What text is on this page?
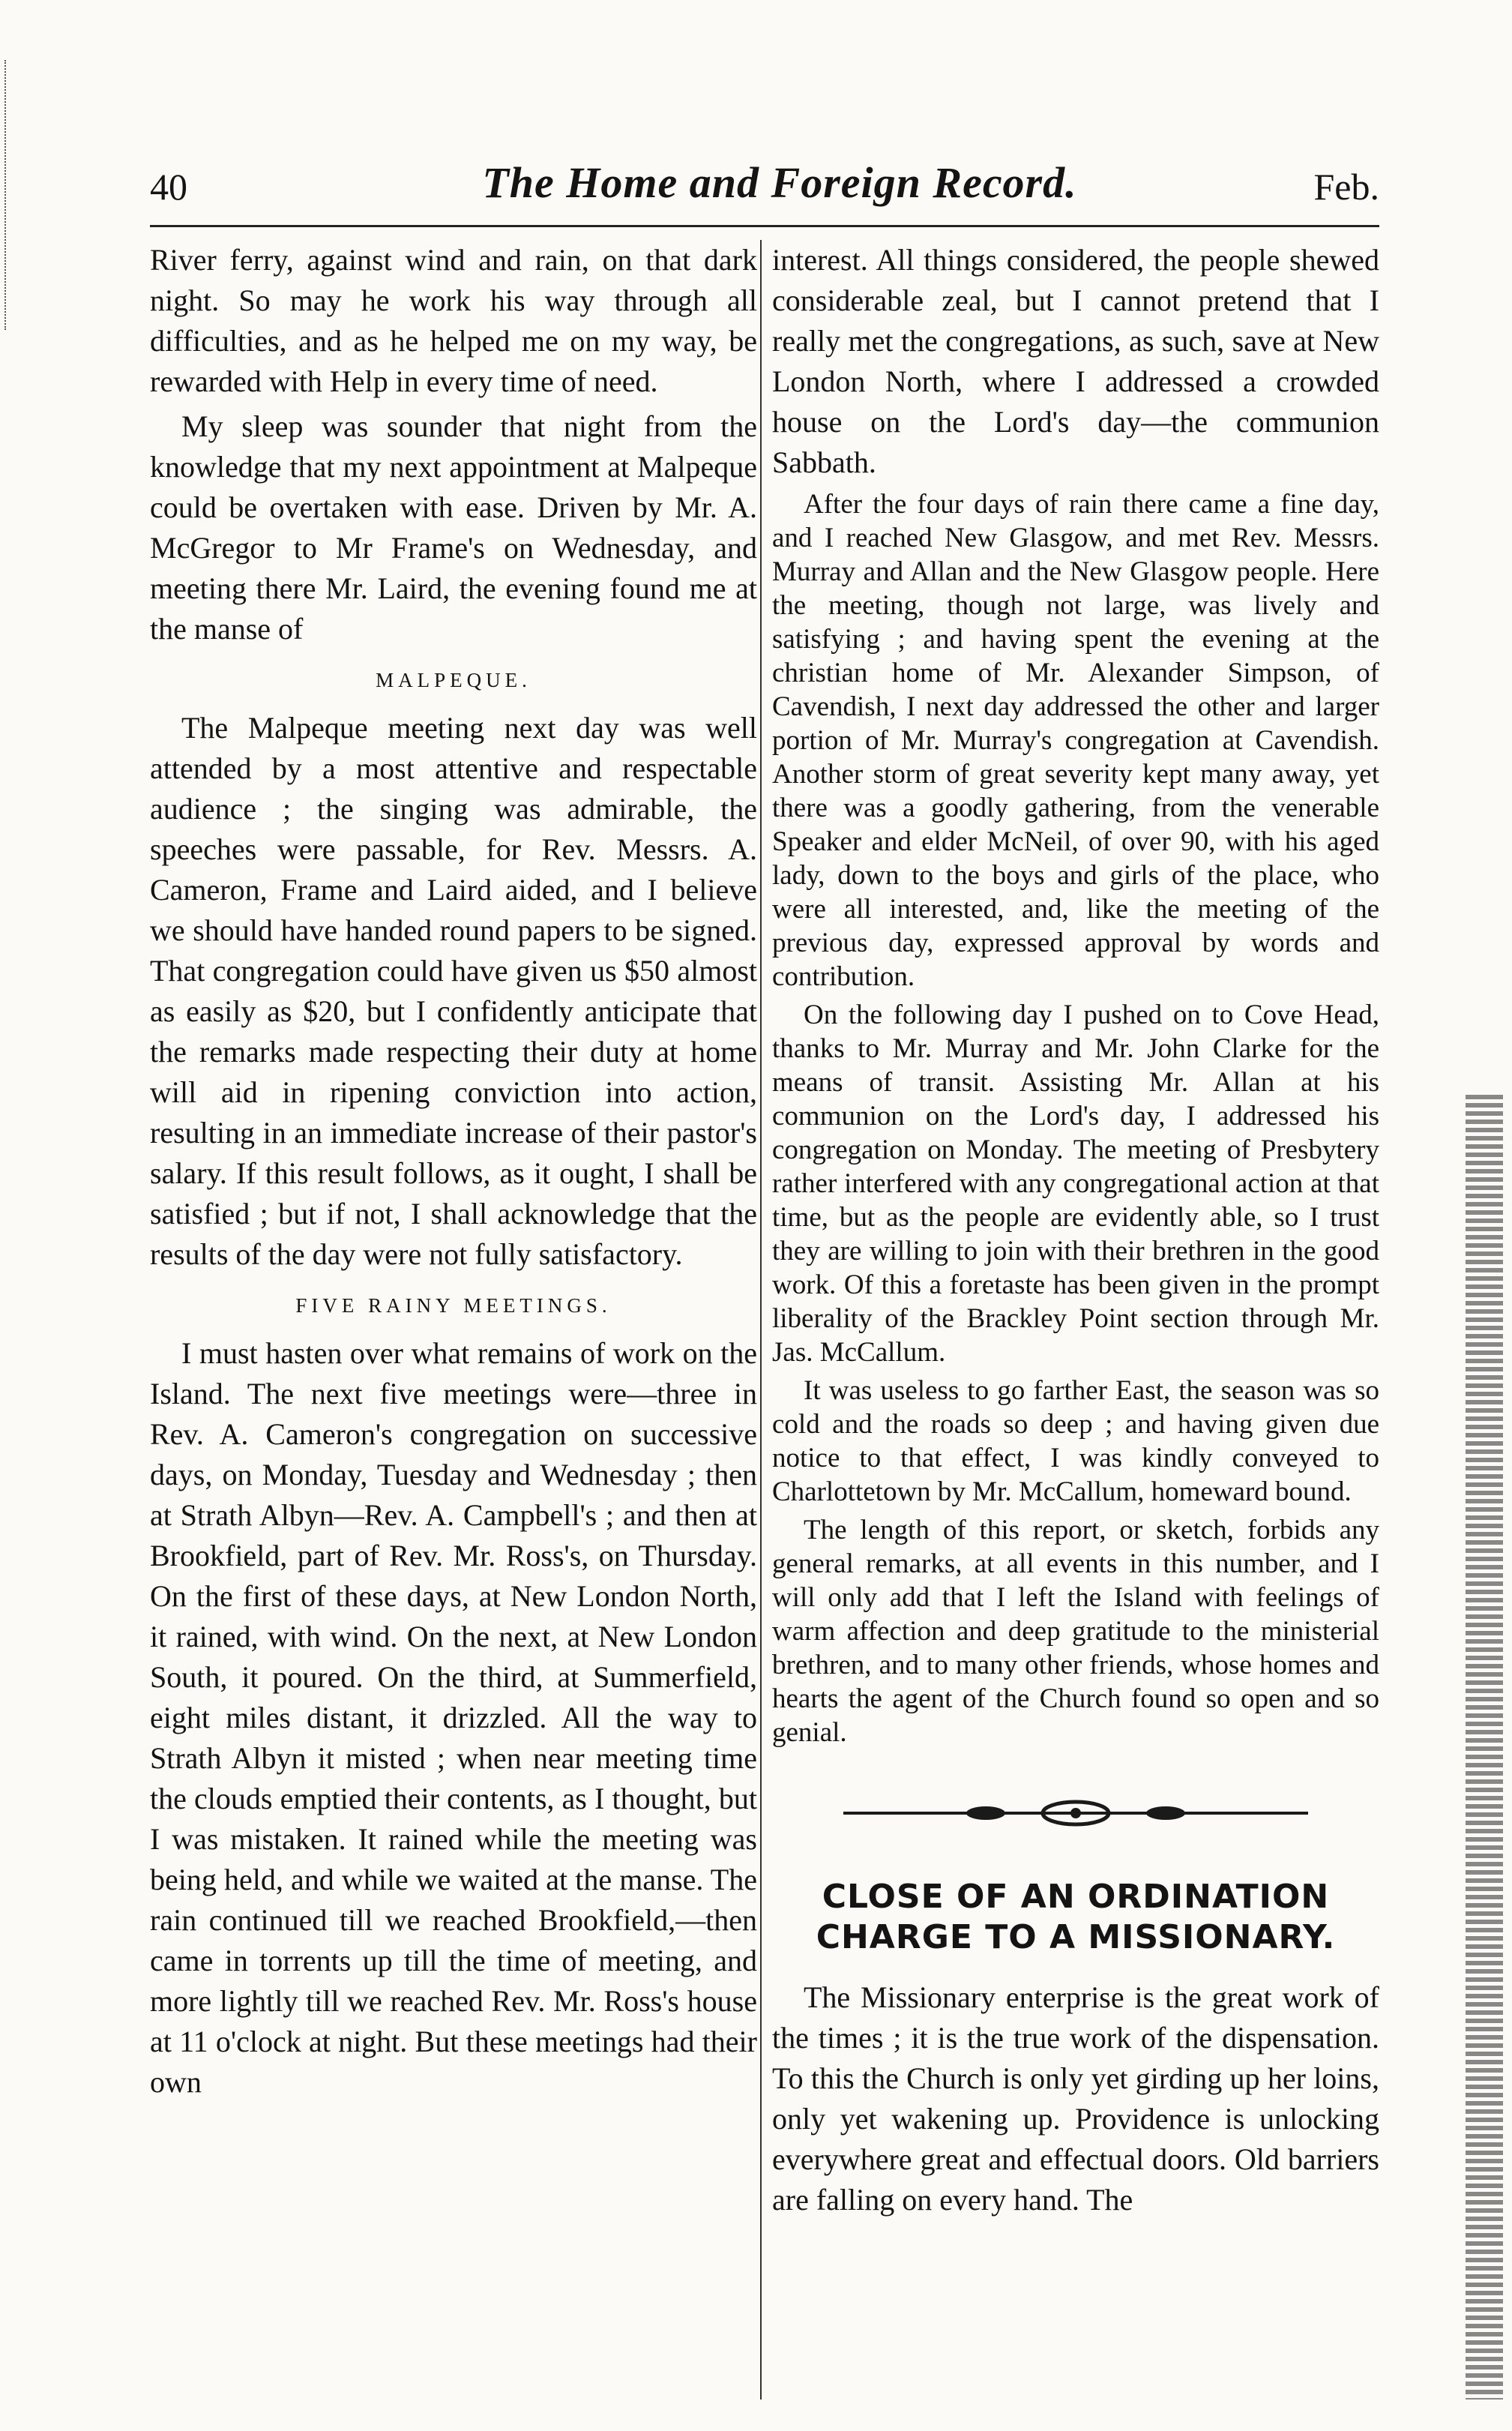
40	The Home and Foreign Record.	Feb.

River ferry, against wind and rain, on that dark night. So may he work his way through all difficulties, and as he helped me on my way, be rewarded with Help in every time of need.

My sleep was sounder that night from the knowledge that my next appointment at Malpeque could be overtaken with ease. Driven by Mr. A. McGregor to Mr Frame's on Wednesday, and meeting there Mr. Laird, the evening found me at the manse of

MALPEQUE.

The Malpeque meeting next day was well attended by a most attentive and respectable audience ; the singing was admirable, the speeches were passable, for Rev. Messrs. A. Cameron, Frame and Laird aided, and I believe we should have handed round papers to be signed. That congregation could have given us $50 almost as easily as $20, but I confidently anticipate that the remarks made respecting their duty at home will aid in ripening conviction into action, resulting in an immediate increase of their pastor's salary. If this result follows, as it ought, I shall be satisfied ; but if not, I shall acknowledge that the results of the day were not fully satisfactory.

FIVE RAINY MEETINGS.

I must hasten over what remains of work on the Island. The next five meetings were—three in Rev. A. Cameron's congregation on successive days, on Monday, Tuesday and Wednesday ; then at Strath Albyn—Rev. A. Campbell's ; and then at Brookfield, part of Rev. Mr. Ross's, on Thursday. On the first of these days, at New London North, it rained, with wind. On the next, at New London South, it poured. On the third, at Summerfield, eight miles distant, it drizzled. All the way to Strath Albyn it misted ; when near meeting time the clouds emptied their contents, as I thought, but I was mistaken. It rained while the meeting was being held, and while we waited at the manse. The rain continued till we reached Brookfield,—then came in torrents up till the time of meeting, and more lightly till we reached Rev. Mr. Ross's house at 11 o'clock at night. But these meetings had their own

interest. All things considered, the people shewed considerable zeal, but I cannot pretend that I really met the congregations, as such, save at New London North, where I addressed a crowded house on the Lord's day—the communion Sabbath.

After the four days of rain there came a fine day, and I reached New Glasgow, and met Rev. Messrs. Murray and Allan and the New Glasgow people. Here the meeting, though not large, was lively and satisfying ; and having spent the evening at the christian home of Mr. Alexander Simpson, of Cavendish, I next day addressed the other and larger portion of Mr. Murray's congregation at Cavendish. Another storm of great severity kept many away, yet there was a goodly gathering, from the venerable Speaker and elder McNeil, of over 90, with his aged lady, down to the boys and girls of the place, who were all interested, and, like the meeting of the previous day, expressed approval by words and contribution.

On the following day I pushed on to Cove Head, thanks to Mr. Murray and Mr. John Clarke for the means of transit. Assisting Mr. Allan at his communion on the Lord's day, I addressed his congregation on Monday. The meeting of Presbytery rather interfered with any congregational action at that time, but as the people are evidently able, so I trust they are willing to join with their brethren in the good work. Of this a foretaste has been given in the prompt liberality of the Brackley Point section through Mr. Jas. McCallum.

It was useless to go farther East, the season was so cold and the roads so deep ; and having given due notice to that effect, I was kindly conveyed to Charlottetown by Mr. McCallum, homeward bound.

The length of this report, or sketch, forbids any general remarks, at all events in this number, and I will only add that I left the Island with feelings of warm affection and deep gratitude to the ministerial brethren, and to many other friends, whose homes and hearts the agent of the Church found so open and so genial.

CLOSE OF AN ORDINATION CHARGE TO A MISSIONARY.

The Missionary enterprise is the great work of the times ; it is the true work of the dispensation. To this the Church is only yet girding up her loins, only yet wakening up. Providence is unlocking everywhere great and effectual doors. Old barriers are falling on every hand. The
